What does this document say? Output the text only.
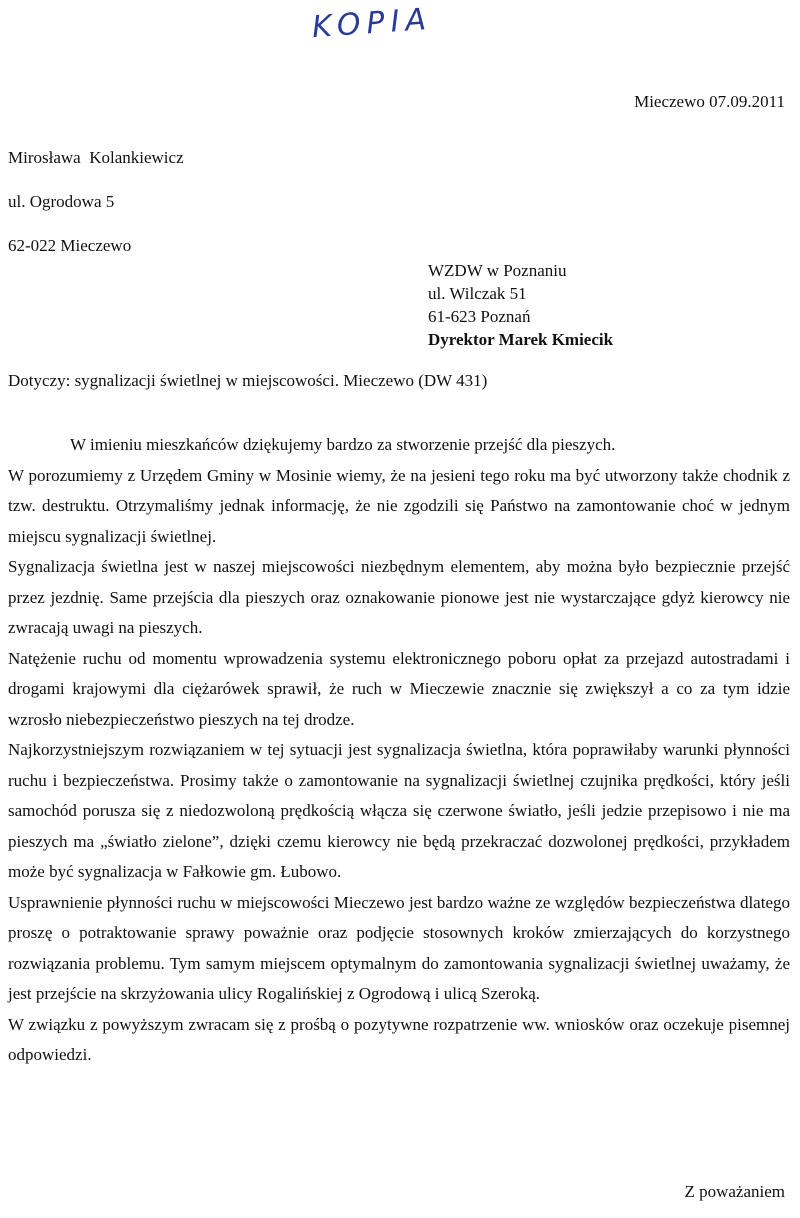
KOPIA
Mieczewo 07.09.2011
Mirosława  Kolankiewicz
ul. Ogrodowa 5
62-022 Mieczewo
WZDW w Poznaniu
ul. Wilczak 51
61-623 Poznań
Dyrektor Marek Kmiecik
Dotyczy: sygnalizacji świetlnej w miejscowości. Mieczewo (DW 431)

W imieniu mieszkańców dziękujemy bardzo za stworzenie przejść dla pieszych.

W porozumiemy z Urzędem Gminy w Mosinie wiemy, że na jesieni tego roku ma być utworzony także chodnik z tzw. destruktu. Otrzymaliśmy jednak informację, że nie zgodzili się Państwo na zamontowanie choć w jednym miejscu sygnalizacji świetlnej.

Sygnalizacja świetlna jest w naszej miejscowości niezbędnym elementem, aby można było bezpiecznie przejść przez jezdnię. Same przejścia dla pieszych oraz oznakowanie pionowe jest nie wystarczające gdyż kierowcy nie zwracają uwagi na pieszych.

Natężenie ruchu od momentu wprowadzenia systemu elektronicznego poboru opłat za przejazd autostradami i drogami krajowymi dla ciężarówek sprawił, że ruch w Mieczewie znacznie się zwiększył a co za tym idzie wzrosło niebezpieczeństwo pieszych na tej drodze.

Najkorzystniejszym rozwiązaniem w tej sytuacji jest sygnalizacja świetlna, która poprawiłaby warunki płynności ruchu i bezpieczeństwa. Prosimy także o zamontowanie na sygnalizacji świetlnej czujnika prędkości, który jeśli samochód porusza się z niedozwoloną prędkością włącza się czerwone światło, jeśli jedzie przepisowo i nie ma pieszych ma „światło zielone”, dzięki czemu kierowcy nie będą przekraczać dozwolonej prędkości, przykładem może być sygnalizacja w Fałkowie gm. Łubowo.

Usprawnienie płynności ruchu w miejscowości Mieczewo jest bardzo ważne ze względów bezpieczeństwa dlatego proszę o potraktowanie sprawy poważnie oraz podjęcie stosownych kroków zmierzających do korzystnego rozwiązania problemu. Tym samym miejscem optymalnym do zamontowania sygnalizacji świetlnej uważamy, że jest przejście na skrzyżowania ulicy Rogalińskiej z Ogrodową i ulicą Szeroką.

W związku z powyższym zwracam się z prośbą o pozytywne rozpatrzenie ww. wniosków oraz oczekuje pisemnej odpowiedzi.

Z poważaniem
